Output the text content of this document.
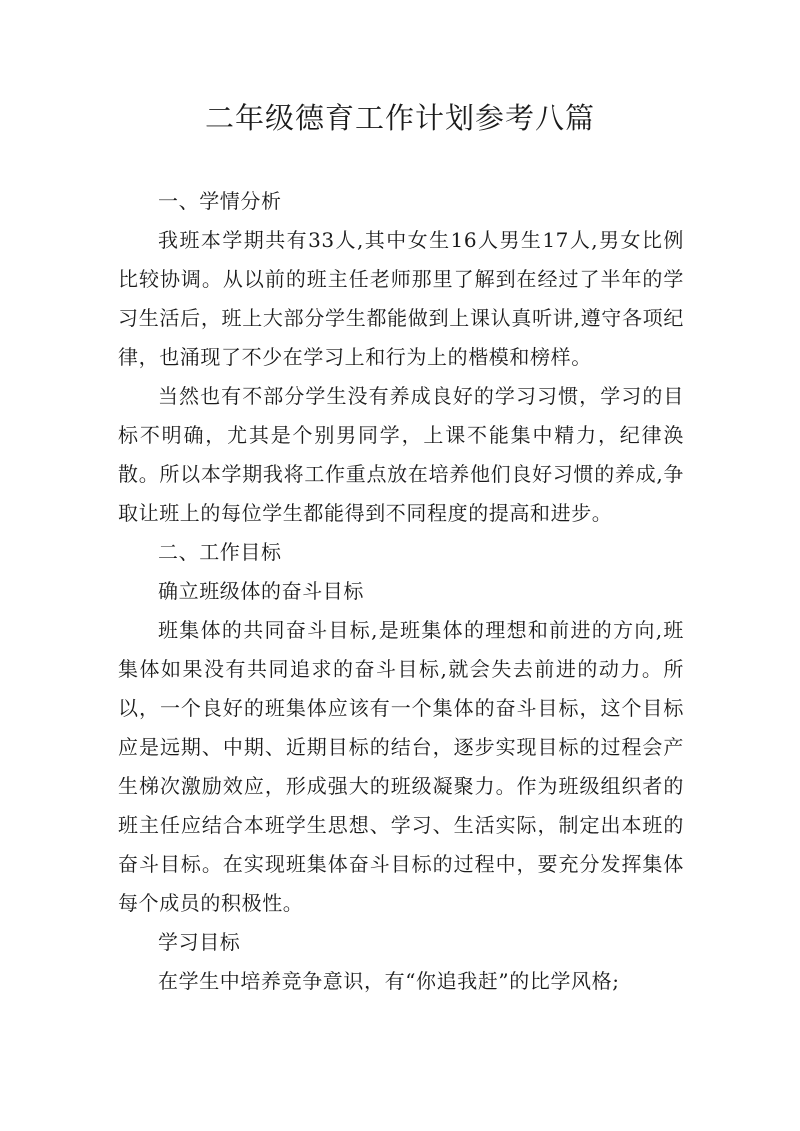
二年级德育工作计划参考八篇

一、学情分析

我班本学期共有33人,其中女生16人男生17人,男女比例比较协调。从以前的班主任老师那里了解到在经过了半年的学习生活后，班上大部分学生都能做到上课认真听讲,遵守各项纪律，也涌现了不少在学习上和行为上的楷模和榜样。

当然也有不部分学生没有养成良好的学习习惯，学习的目标不明确，尤其是个别男同学，上课不能集中精力，纪律涣散。所以本学期我将工作重点放在培养他们良好习惯的养成,争取让班上的每位学生都能得到不同程度的提高和进步。

二、工作目标

确立班级体的奋斗目标

班集体的共同奋斗目标,是班集体的理想和前进的方向,班集体如果没有共同追求的奋斗目标,就会失去前进的动力。所以，一个良好的班集体应该有一个集体的奋斗目标，这个目标应是远期、中期、近期目标的结台，逐步实现目标的过程会产生梯次激励效应，形成强大的班级凝聚力。作为班级组织者的班主任应结合本班学生思想、学习、生活实际，制定出本班的奋斗目标。在实现班集体奋斗目标的过程中，要充分发挥集体每个成员的积极性。

学习目标

在学生中培养竞争意识，有“你追我赶”的比学风格;
